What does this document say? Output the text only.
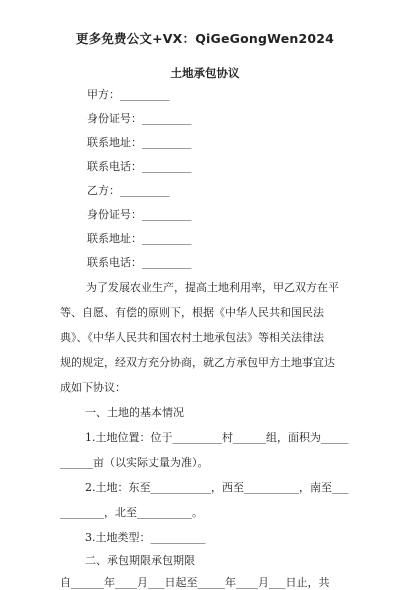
更多免费公文+VX：QiGeGongWen2024
土地承包协议
甲方：_________
身份证号：_________
联系地址：_________
联系电话：_________
乙方：_________
身份证号：_________
联系地址：_________
联系电话：_________
为了发展农业生产，提高土地利用率，甲乙双方在平
等、自愿、有偿的原则下，根据《中华人民共和国民法
典》、《中华人民共和国农村土地承包法》等相关法律法
规的规定，经双方充分协商，就乙方承包甲方土地事宜达
成如下协议：
一、土地的基本情况
1.土地位置：位于_________村______组，面积为_____
______亩（以实际丈量为准）。
2.土地：东至___________，西至__________，南至___
________，北至__________。
3.土地类型：__________
二、承包期限承包期限
自______年____月___日起至_____年____月___日止，共
